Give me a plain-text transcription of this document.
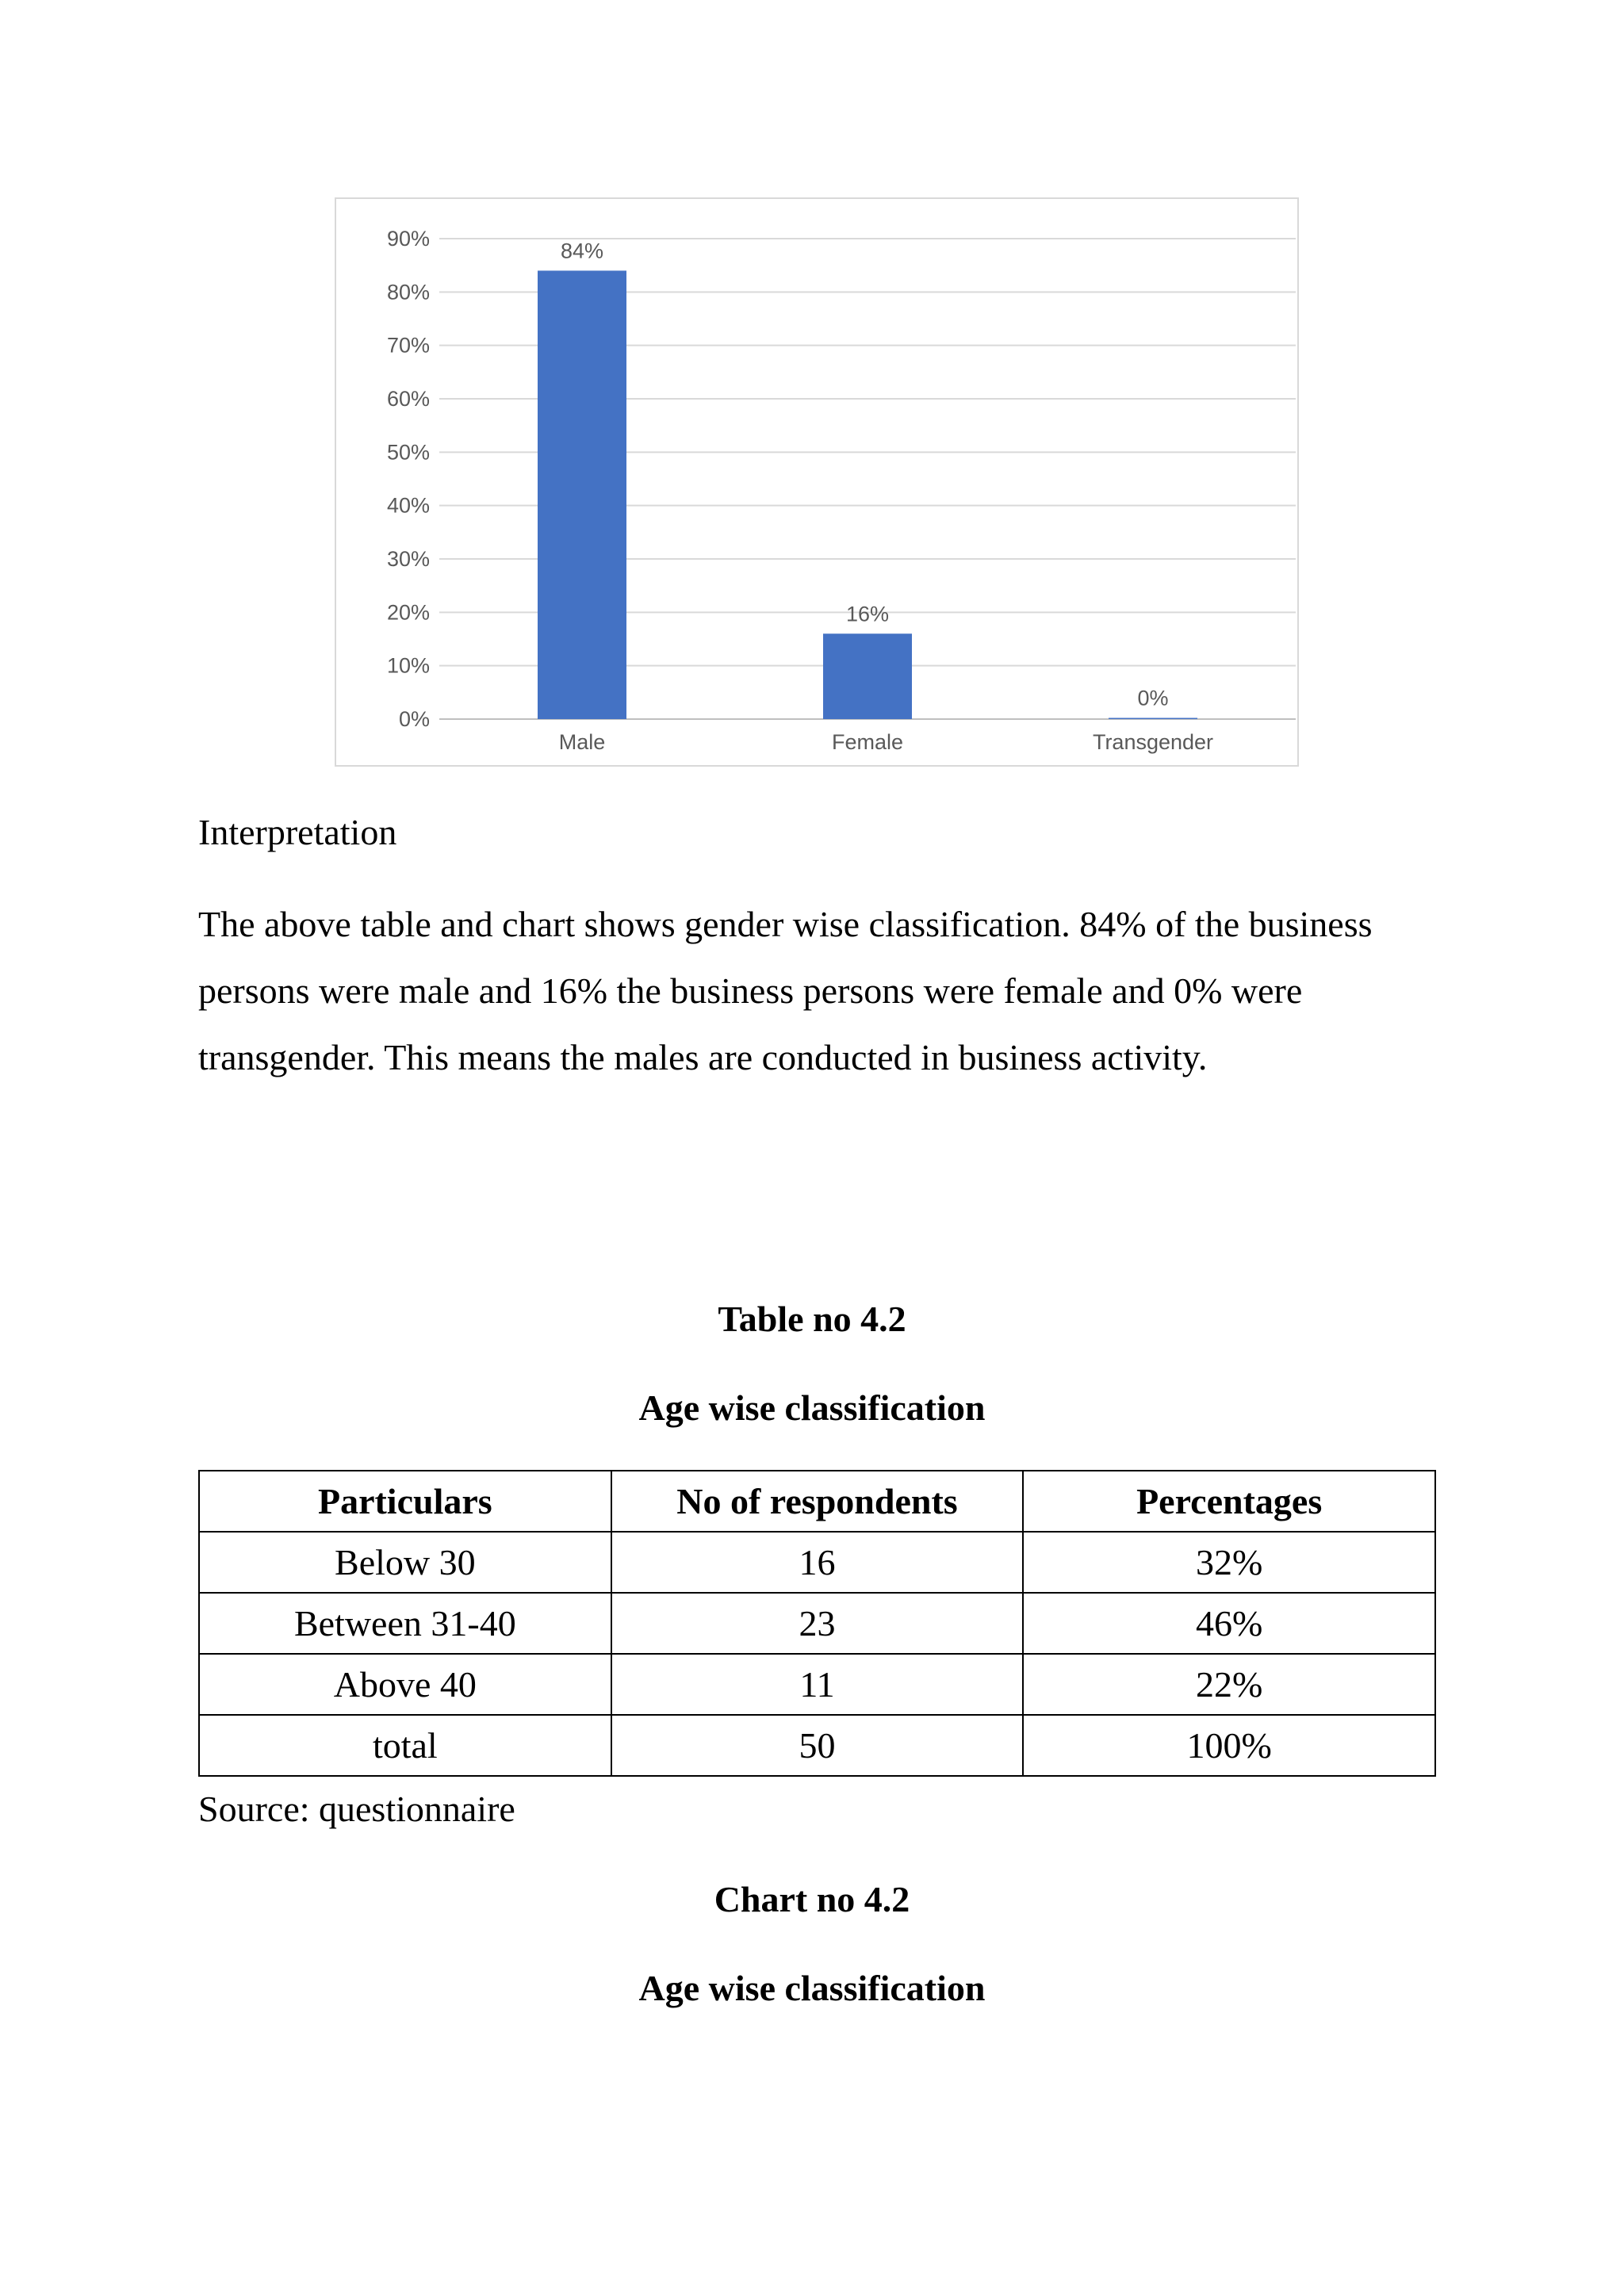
0%
10%
20%
30%
40%
50%
60%
70%
80%
90%
84%
Male
16%
Female
0%
Transgender
Interpretation

The above table and chart shows gender wise classification. 84% of the business
persons were male and 16% the business persons were female and 0% were
transgender. This means the males are conducted in business activity.

Table no 4.2
Age wise classification
Particulars	No of respondents	Percentages
Below 30	16	32%
Between 31-40	23	46%
Above 40	11	22%
total	50	100%

Source: questionnaire

Chart no 4.2
Age wise classification
